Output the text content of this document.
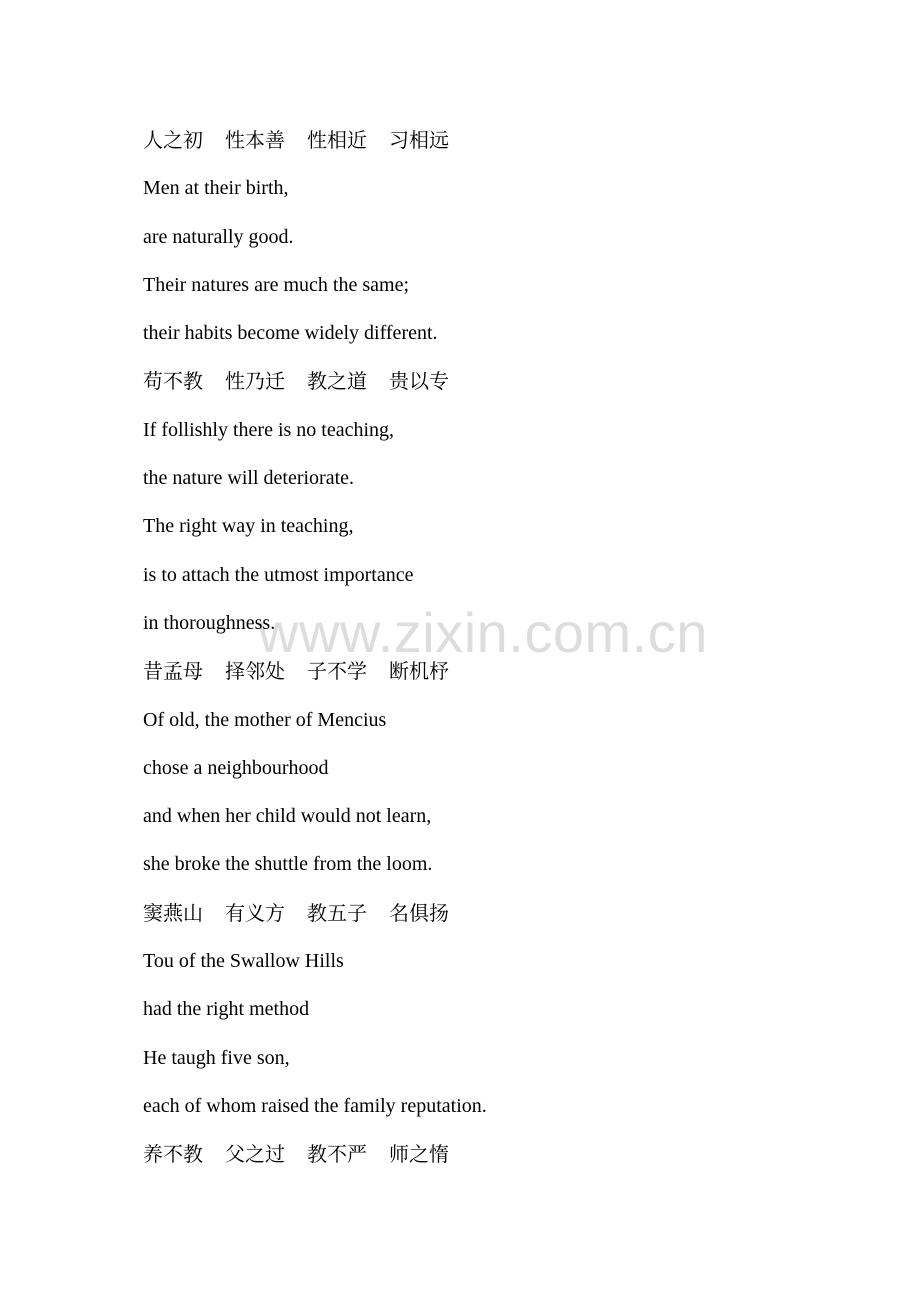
人之初 性本善 性相近 习相远
Men at their birth,
are naturally good.
Their natures are much the same;
their habits become widely different.
苟不教 性乃迁 教之道 贵以专
If follishly there is no teaching,
the nature will deteriorate.
The right way in teaching,
is to attach the utmost importance
in thoroughness.
昔孟母 择邻处 子不学 断机杼
Of old, the mother of Mencius
chose a neighbourhood
and when her child would not learn,
she broke the shuttle from the loom.
窦燕山 有义方 教五子 名俱扬
Tou of the Swallow Hills
had the right method
He taugh five son,
each of whom raised the family reputation.
养不教 父之过 教不严 师之惰
www.zixin.com.cn
